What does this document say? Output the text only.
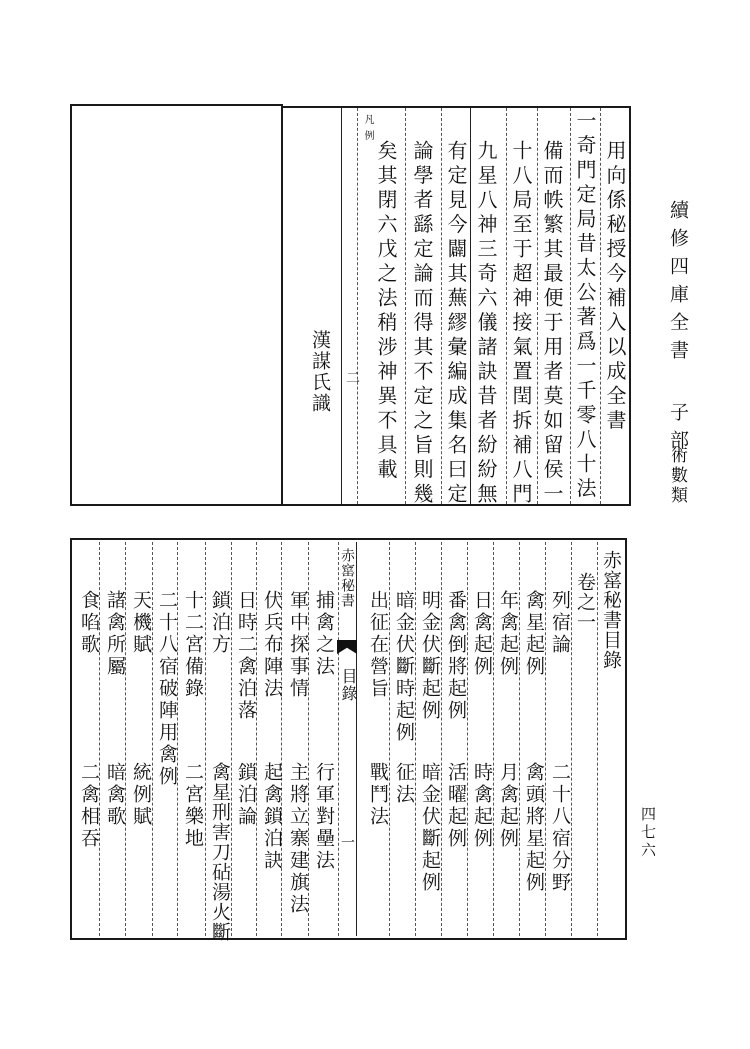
續修四庫全書
子部
術數類
四七六
用向係秘授今補入以成全書
一奇門定局昔太公著爲一千零八十法
備而帙繁其最便于用者莫如留侯一
十八局至于超神接氣置閏拆補八門
九星八神三奇六儀諸訣昔者紛紛無
有定見今闢其蕪繆彙編成集名曰定
論學者繇定論而得其不定之旨則幾
矣其閉六戊之法稍涉神異不具載
凡例
二
漢謀氏識
赤窰秘書目錄
卷之一
列宿論
禽星起例
年禽起例
日禽起例
番禽倒將起例
明金伏斷起例
暗金伏斷時起例
出征在營旨
赤窰秘書
目錄
一
捕禽之法
軍中探事情
伏兵布陣法
日時二禽泊落
鎖泊方
十二宮備錄
二十八宿破陣用禽例
天機賦
諸禽所屬
食啗歌
二十八宿分野
禽頭將星起例
月禽起例
時禽起例
活曜起例
暗金伏斷起例
征法
戰鬥法
行軍對壘法
主將立寨建旗法
起禽鎖泊訣
鎖泊論
禽星刑害刀砧湯火斷
二宮樂地
統例賦
暗禽歌
二禽相吞
